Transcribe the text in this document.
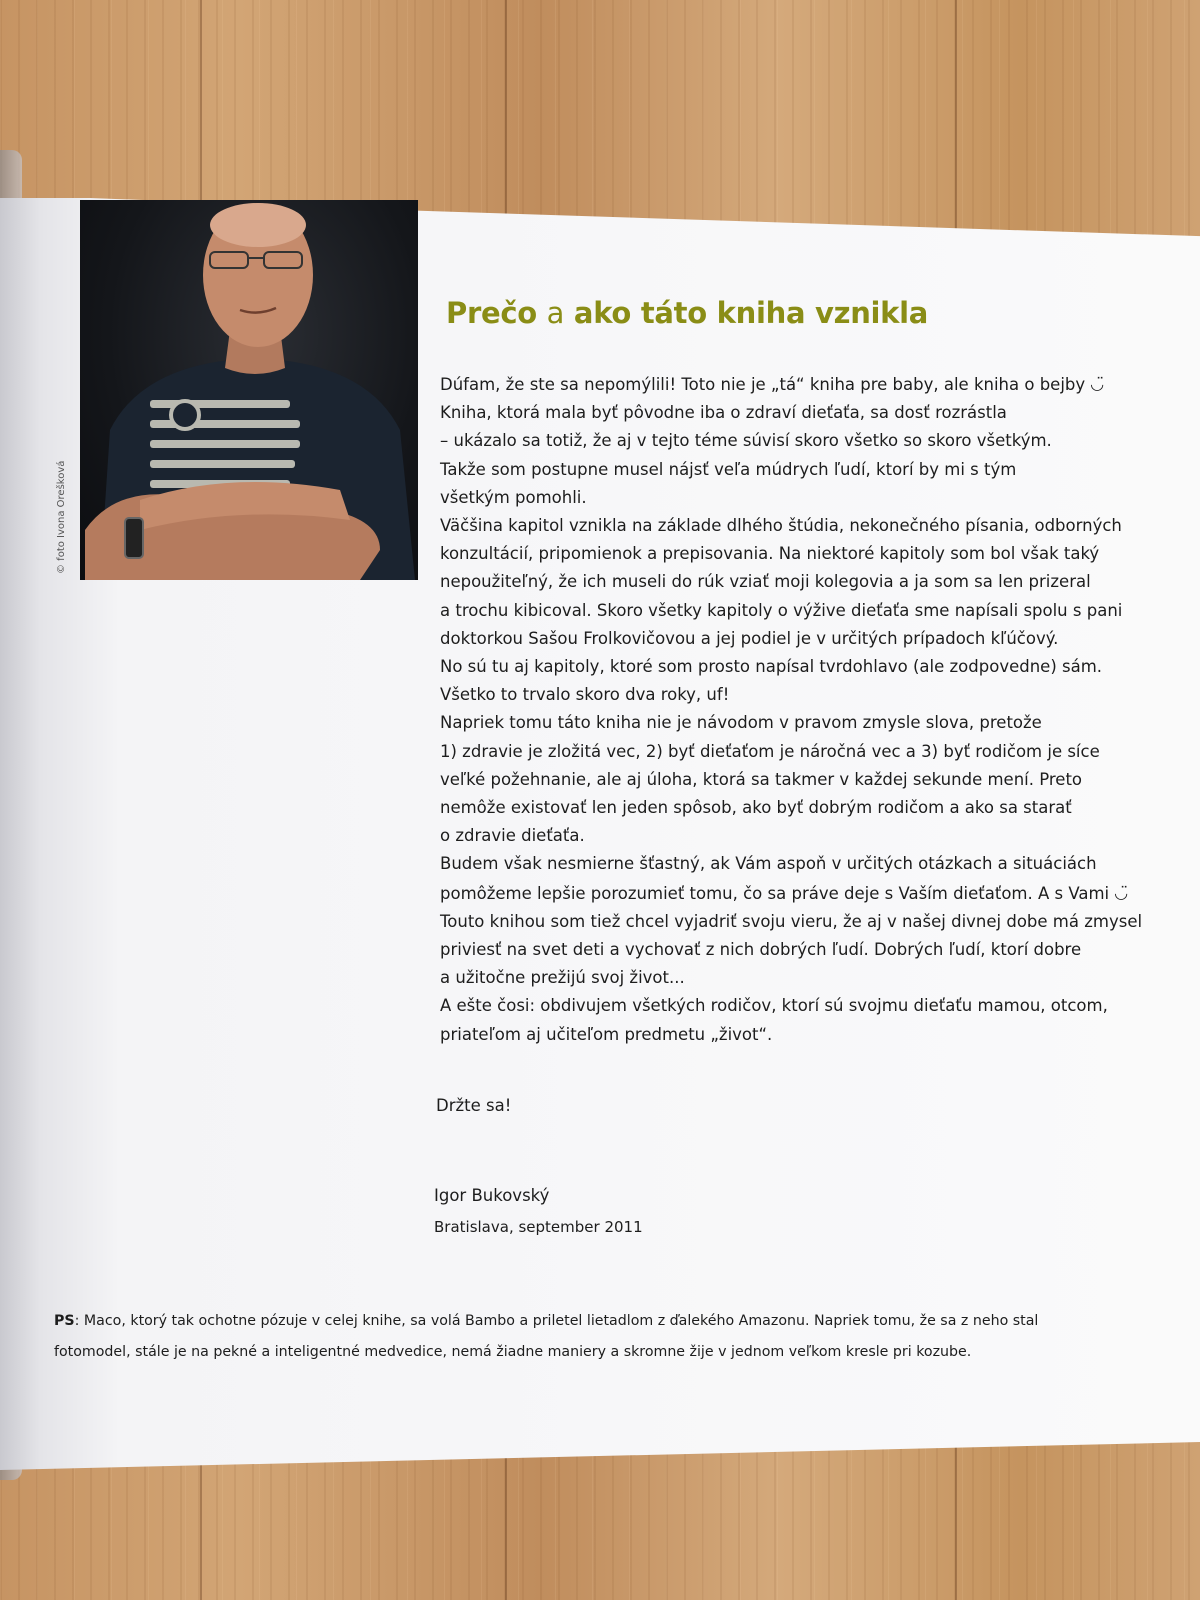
© foto Ivona Orešková
Prečo a ako táto kniha vznikla
Dúfam, že ste sa nepomýlili! Toto nie je „tá“ kniha pre baby, ale kniha o bejby ◡̈
Kniha, ktorá mala byť pôvodne iba o zdraví dieťaťa, sa dosť rozrástla
– ukázalo sa totiž, že aj v tejto téme súvisí skoro všetko so skoro všetkým.
Takže som postupne musel nájsť veľa múdrych ľudí, ktorí by mi s tým
všetkým pomohli.
Väčšina kapitol vznikla na základe dlhého štúdia, nekonečného písania, odborných
konzultácií, pripomienok a prepisovania. Na niektoré kapitoly som bol však taký
nepoužiteľný, že ich museli do rúk vziať moji kolegovia a ja som sa len prizeral
a trochu kibicoval. Skoro všetky kapitoly o výžive dieťaťa sme napísali spolu s pani
doktorkou Sašou Frolkovičovou a jej podiel je v určitých prípadoch kľúčový.
No sú tu aj kapitoly, ktoré som prosto napísal tvrdohlavo (ale zodpovedne) sám.
Všetko to trvalo skoro dva roky, uf!
Napriek tomu táto kniha nie je návodom v pravom zmysle slova, pretože
1) zdravie je zložitá vec, 2) byť dieťaťom je náročná vec a 3) byť rodičom je síce
veľké požehnanie, ale aj úloha, ktorá sa takmer v každej sekunde mení. Preto
nemôže existovať len jeden spôsob, ako byť dobrým rodičom a ako sa starať
o zdravie dieťaťa.
Budem však nesmierne šťastný, ak Vám aspoň v určitých otázkach a situáciách
pomôžeme lepšie porozumieť tomu, čo sa práve deje s Vaším dieťaťom. A s Vami ◡̈
Touto knihou som tiež chcel vyjadriť svoju vieru, že aj v našej divnej dobe má zmysel
priviesť na svet deti a vychovať z nich dobrých ľudí. Dobrých ľudí, ktorí dobre
a užitočne prežijú svoj život...
A ešte čosi: obdivujem všetkých rodičov, ktorí sú svojmu dieťaťu mamou, otcom,
priateľom aj učiteľom predmetu „život“.
Držte sa!
Igor Bukovský
Bratislava, september 2011
PS: Maco, ktorý tak ochotne pózuje v celej knihe, sa volá Bambo a priletel lietadlom z ďalekého Amazonu. Napriek tomu, že sa z neho stal
fotomodel, stále je na pekné a inteligentné medvedice, nemá žiadne maniery a skromne žije v jednom veľkom kresle pri kozube.
